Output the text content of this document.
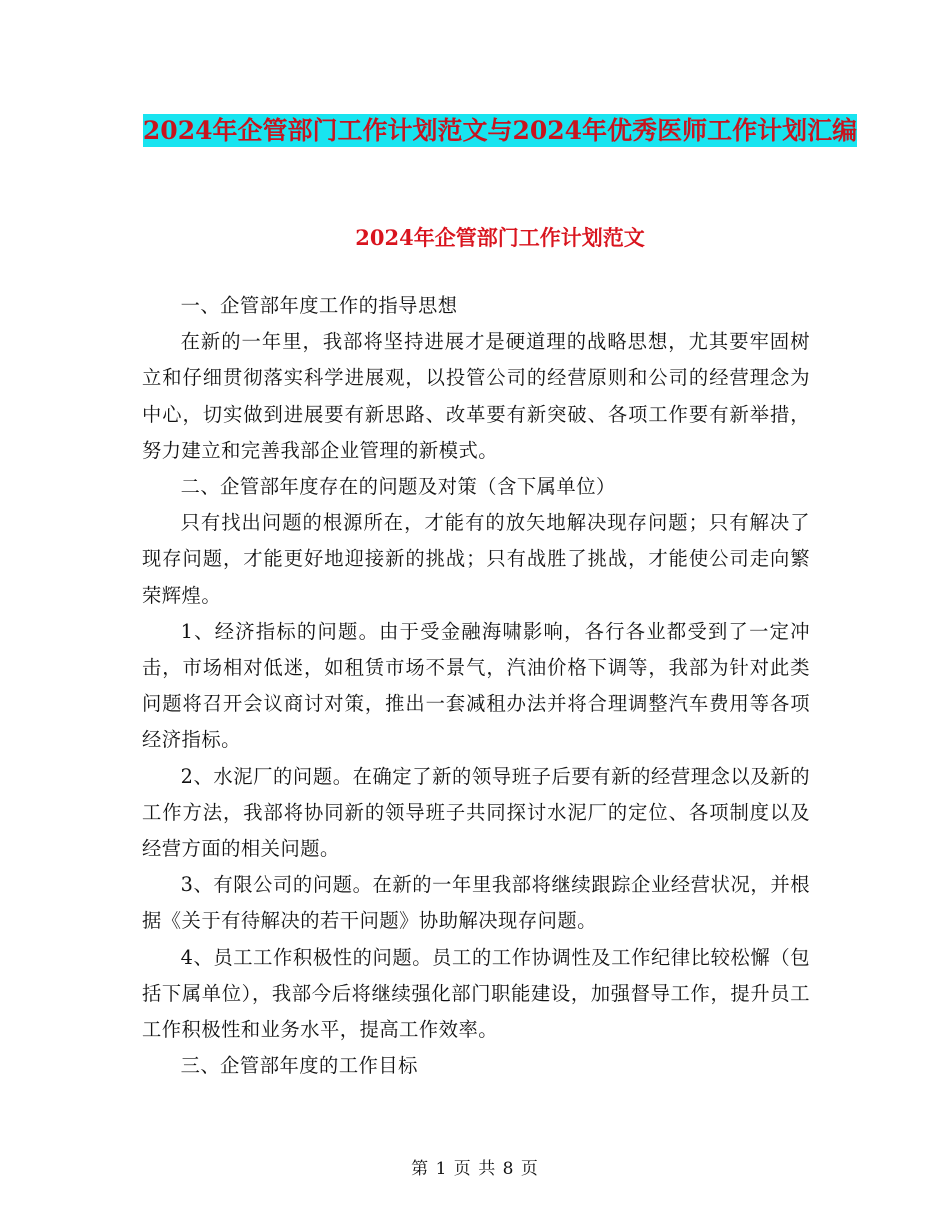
2024年企管部门工作计划范文与2024年优秀医师工作计划汇编
2024年企管部门工作计划范文

一、企管部年度工作的指导思想

在新的一年里，我部将坚持进展才是硬道理的战略思想，尤其要牢固树立和仔细贯彻落实科学进展观，以投管公司的经营原则和公司的经营理念为中心，切实做到进展要有新思路、改革要有新突破、各项工作要有新举措，努力建立和完善我部企业管理的新模式。

二、企管部年度存在的问题及对策（含下属单位）

只有找出问题的根源所在，才能有的放矢地解决现存问题；只有解决了现存问题，才能更好地迎接新的挑战；只有战胜了挑战，才能使公司走向繁荣辉煌。

1、经济指标的问题。由于受金融海啸影响，各行各业都受到了一定冲击，市场相对低迷，如租赁市场不景气，汽油价格下调等，我部为针对此类问题将召开会议商讨对策，推出一套减租办法并将合理调整汽车费用等各项经济指标。

2、水泥厂的问题。在确定了新的领导班子后要有新的经营理念以及新的工作方法，我部将协同新的领导班子共同探讨水泥厂的定位、各项制度以及经营方面的相关问题。

3、有限公司的问题。在新的一年里我部将继续跟踪企业经营状况，并根据《关于有待解决的若干问题》协助解决现存问题。

4、员工工作积极性的问题。员工的工作协调性及工作纪律比较松懈（包括下属单位），我部今后将继续强化部门职能建设，加强督导工作，提升员工工作积极性和业务水平，提高工作效率。

三、企管部年度的工作目标

第 1 页 共 8 页
